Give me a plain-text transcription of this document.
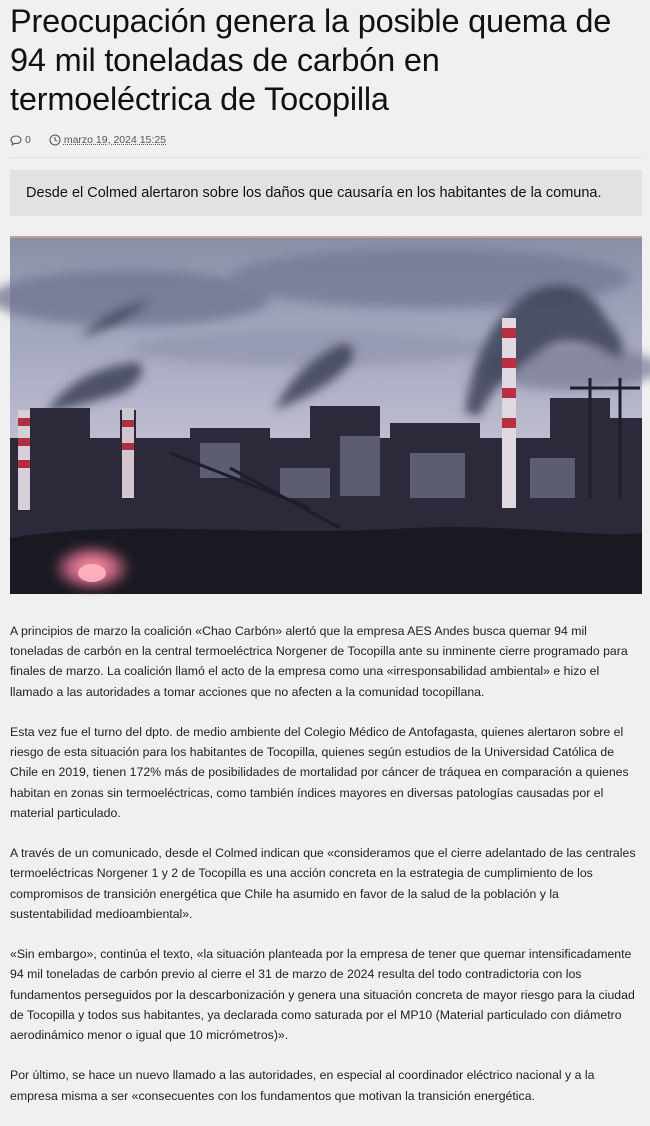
Preocupación genera la posible quema de 94 mil toneladas de carbón en termoeléctrica de Tocopilla
0	marzo 19, 2024 15:25
Desde el Colmed alertaron sobre los daños que causaría en los habitantes de la comuna.

A principios de marzo la coalición «Chao Carbón» alertó que la empresa AES Andes busca quemar 94 mil toneladas de carbón en la central termoeléctrica Norgener de Tocopilla ante su inminente cierre programado para finales de marzo. La coalición llamó el acto de la empresa como una «irresponsabilidad ambiental» e hizo el llamado a las autoridades a tomar acciones que no afecten a la comunidad tocopillana.

Esta vez fue el turno del dpto. de medio ambiente del Colegio Médico de Antofagasta, quienes alertaron sobre el riesgo de esta situación para los habitantes de Tocopilla, quienes según estudios de la Universidad Católica de Chile en 2019, tienen 172% más de posibilidades de mortalidad por cáncer de tráquea en comparación a quienes habitan en zonas sin termoeléctricas, como también índices mayores en diversas patologías causadas por el material particulado.

A través de un comunicado, desde el Colmed indican que «consideramos que el cierre adelantado de las centrales termoeléctricas Norgener 1 y 2 de Tocopilla es una acción concreta en la estrategia de cumplimiento de los compromisos de transición energética que Chile ha asumido en favor de la salud de la población y la sustentabilidad medioambiental».

«Sin embargo», continúa el texto, «la situación planteada por la empresa de tener que quemar intensificadamente 94 mil toneladas de carbón previo al cierre el 31 de marzo de 2024 resulta del todo contradictoria con los fundamentos perseguidos por la descarbonización y genera una situación concreta de mayor riesgo para la ciudad de Tocopilla y todos sus habitantes, ya declarada como saturada por el MP10 (Material particulado con diámetro aerodinámico menor o igual que 10 micrómetros)».

Por último, se hace un nuevo llamado a las autoridades, en especial al coordinador eléctrico nacional y a la empresa misma a ser «consecuentes con los fundamentos que motivan la transición energética.
